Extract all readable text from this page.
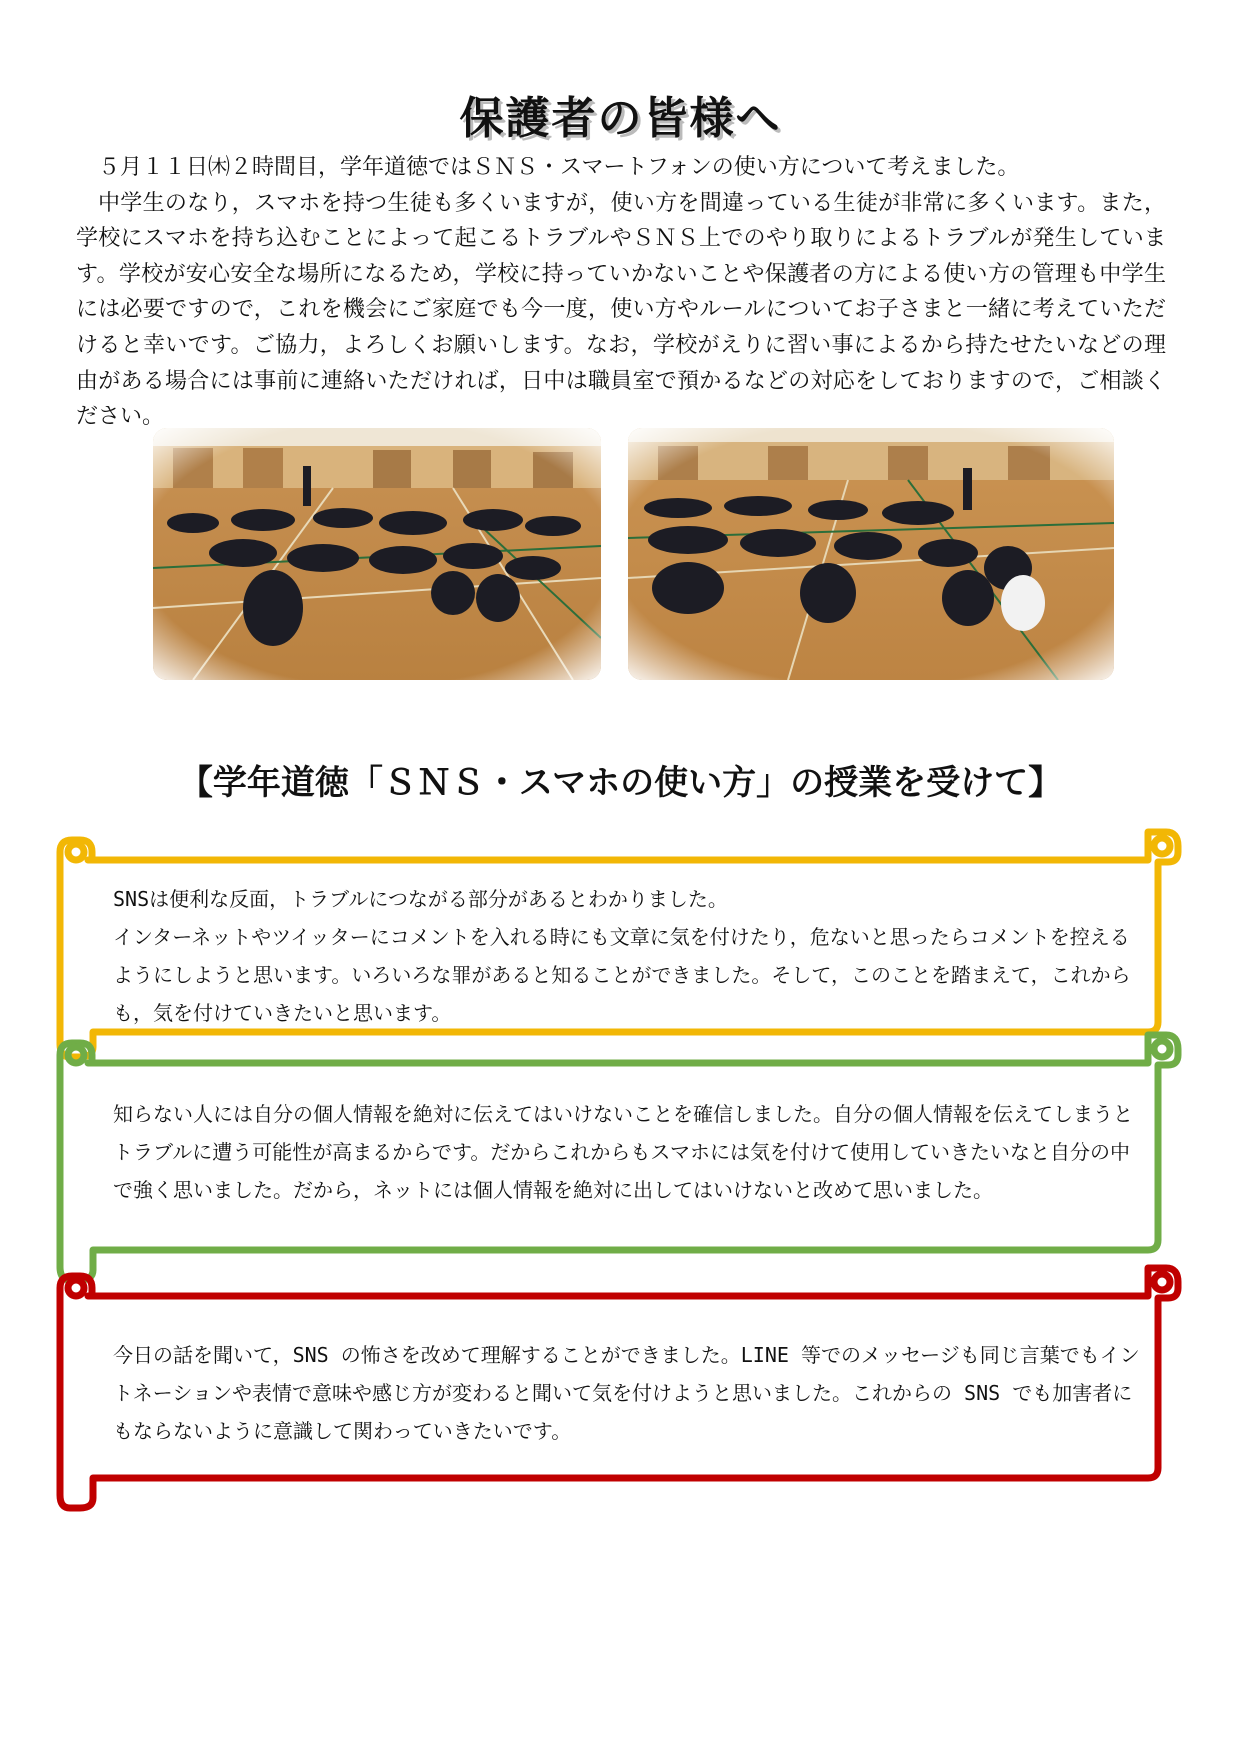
保護者の皆様へ

５月１１日㈭２時間目，学年道徳ではＳＮＳ・スマートフォンの使い方について考えました。

中学生のなり，スマホを持つ生徒も多くいますが，使い方を間違っている生徒が非常に多くいます。また，学校にスマホを持ち込むことによって起こるトラブルやＳＮＳ上でのやり取りによるトラブルが発生しています。学校が安心安全な場所になるため，学校に持っていかないことや保護者の方による使い方の管理も中学生には必要ですので，これを機会にご家庭でも今一度，使い方やルールについてお子さまと一緒に考えていただけると幸いです。ご協力，よろしくお願いします。なお，学校がえりに習い事によるから持たせたいなどの理由がある場合には事前に連絡いただければ，日中は職員室で預かるなどの対応をしておりますので，ご相談ください。

【学年道徳「ＳＮＳ・スマホの使い方」の授業を受けて】
SNSは便利な反面，トラブルにつながる部分があるとわかりました。
インターネットやツイッターにコメントを入れる時にも文章に気を付けたり，危ないと思ったらコメントを控えるようにしようと思います。いろいろな罪があると知ることができました。そして，このことを踏まえて，これからも，気を付けていきたいと思います。
知らない人には自分の個人情報を絶対に伝えてはいけないことを確信しました。自分の個人情報を伝えてしまうとトラブルに遭う可能性が高まるからです。だからこれからもスマホには気を付けて使用していきたいなと自分の中で強く思いました。だから，ネットには個人情報を絶対に出してはいけないと改めて思いました。
今日の話を聞いて，SNS の怖さを改めて理解することができました。LINE 等でのメッセージも同じ言葉でもイントネーションや表情で意味や感じ方が変わると聞いて気を付けようと思いました。これからの SNS でも加害者にもならないように意識して関わっていきたいです。
